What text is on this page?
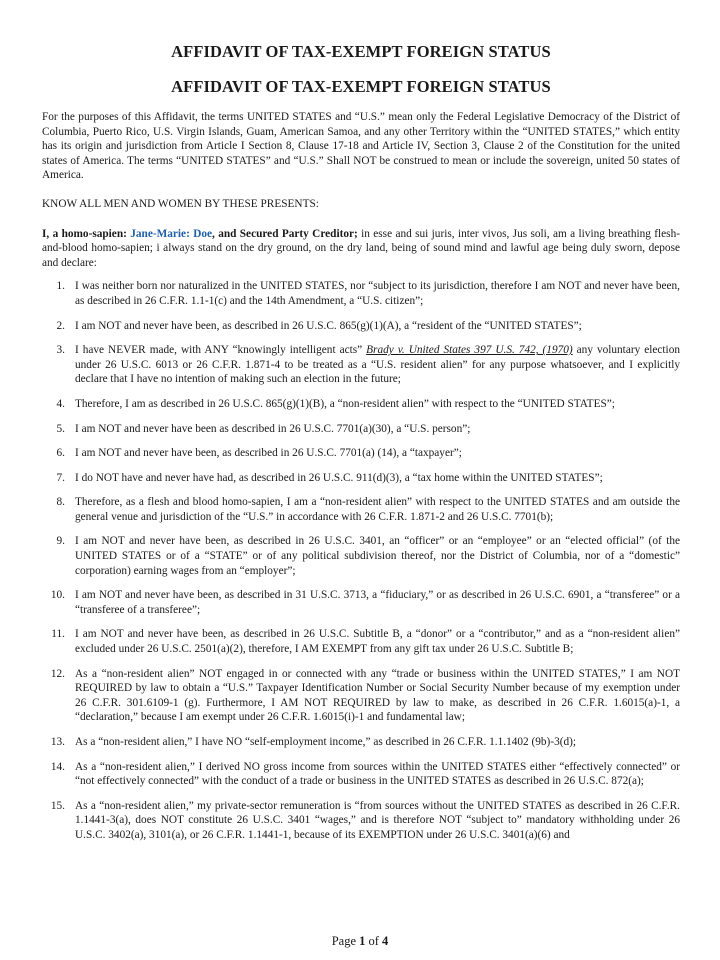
AFFIDAVIT OF TAX-EXEMPT FOREIGN STATUS
AFFIDAVIT OF TAX-EXEMPT FOREIGN STATUS

For the purposes of this Affidavit, the terms UNITED STATES and “U.S.” mean only the Federal Legislative Democracy of the District of Columbia, Puerto Rico, U.S. Virgin Islands, Guam, American Samoa, and any other Territory within the “UNITED STATES,” which entity has its origin and jurisdiction from Article I Section 8, Clause 17-18 and Article IV, Section 3, Clause 2 of the Constitution for the united states of America. The terms “UNITED STATES” and “U.S.” Shall NOT be construed to mean or include the sovereign, united 50 states of America.

KNOW ALL MEN AND WOMEN BY THESE PRESENTS:

I, a homo-sapien: Jane-Marie: Doe, and Secured Party Creditor; in esse and sui juris, inter vivos, Jus soli, am a living breathing flesh-and-blood homo-sapien; i always stand on the dry ground, on the dry land, being of sound mind and lawful age being duly sworn, depose and declare:

1. I was neither born nor naturalized in the UNITED STATES, nor “subject to its jurisdiction, therefore I am NOT and never have been, as described in 26 C.F.R. 1.1-1(c) and the 14th Amendment, a “U.S. citizen”;
2. I am NOT and never have been, as described in 26 U.S.C. 865(g)(1)(A), a “resident of the “UNITED STATES”;
3. I have NEVER made, with ANY “knowingly intelligent acts” Brady v. United States 397 U.S. 742, (1970) any voluntary election under 26 U.S.C. 6013 or 26 C.F.R. 1.871-4 to be treated as a “U.S. resident alien” for any purpose whatsoever, and I explicitly declare that I have no intention of making such an election in the future;
4. Therefore, I am as described in 26 U.S.C. 865(g)(1)(B), a “non-resident alien” with respect to the “UNITED STATES”;
5. I am NOT and never have been as described in 26 U.S.C. 7701(a)(30), a “U.S. person”;
6. I am NOT and never have been, as described in 26 U.S.C. 7701(a) (14), a “taxpayer”;
7. I do NOT have and never have had, as described in 26 U.S.C. 911(d)(3), a “tax home within the UNITED STATES”;
8. Therefore, as a flesh and blood homo-sapien, I am a “non-resident alien” with respect to the UNITED STATES and am outside the general venue and jurisdiction of the “U.S.” in accordance with 26 C.F.R. 1.871-2 and 26 U.S.C. 7701(b);
9. I am NOT and never have been, as described in 26 U.S.C. 3401, an “officer” or an “employee” or an “elected official” (of the UNITED STATES or of a “STATE” or of any political subdivision thereof, nor the District of Columbia, nor of a “domestic” corporation) earning wages from an “employer”;
10. I am NOT and never have been, as described in 31 U.S.C. 3713, a “fiduciary,” or as described in 26 U.S.C. 6901, a “transferee” or a “transferee of a transferee”;
11. I am NOT and never have been, as described in 26 U.S.C. Subtitle B, a “donor” or a “contributor,” and as a “non-resident alien” excluded under 26 U.S.C. 2501(a)(2), therefore, I AM EXEMPT from any gift tax under 26 U.S.C. Subtitle B;
12. As a “non-resident alien” NOT engaged in or connected with any “trade or business within the UNITED STATES,” I am NOT REQUIRED by law to obtain a “U.S.” Taxpayer Identification Number or Social Security Number because of my exemption under 26 C.F.R. 301.6109-1 (g). Furthermore, I AM NOT REQUIRED by law to make, as described in 26 C.F.R. 1.6015(a)-1, a “declaration,” because I am exempt under 26 C.F.R. 1.6015(i)-1 and fundamental law;
13. As a “non-resident alien,” I have NO “self-employment income,” as described in 26 C.F.R. 1.1.1402 (9b)-3(d);
14. As a “non-resident alien,” I derived NO gross income from sources within the UNITED STATES either “effectively connected” or “not effectively connected” with the conduct of a trade or business in the UNITED STATES as described in 26 U.S.C. 872(a);
15. As a “non-resident alien,” my private-sector remuneration is “from sources without the UNITED STATES as described in 26 C.F.R. 1.1441-3(a), does NOT constitute 26 U.S.C. 3401 “wages,” and is therefore NOT “subject to” mandatory withholding under 26 U.S.C. 3402(a), 3101(a), or 26 C.F.R. 1.1441-1, because of its EXEMPTION under 26 U.S.C. 3401(a)(6) and
Page 1 of 4
